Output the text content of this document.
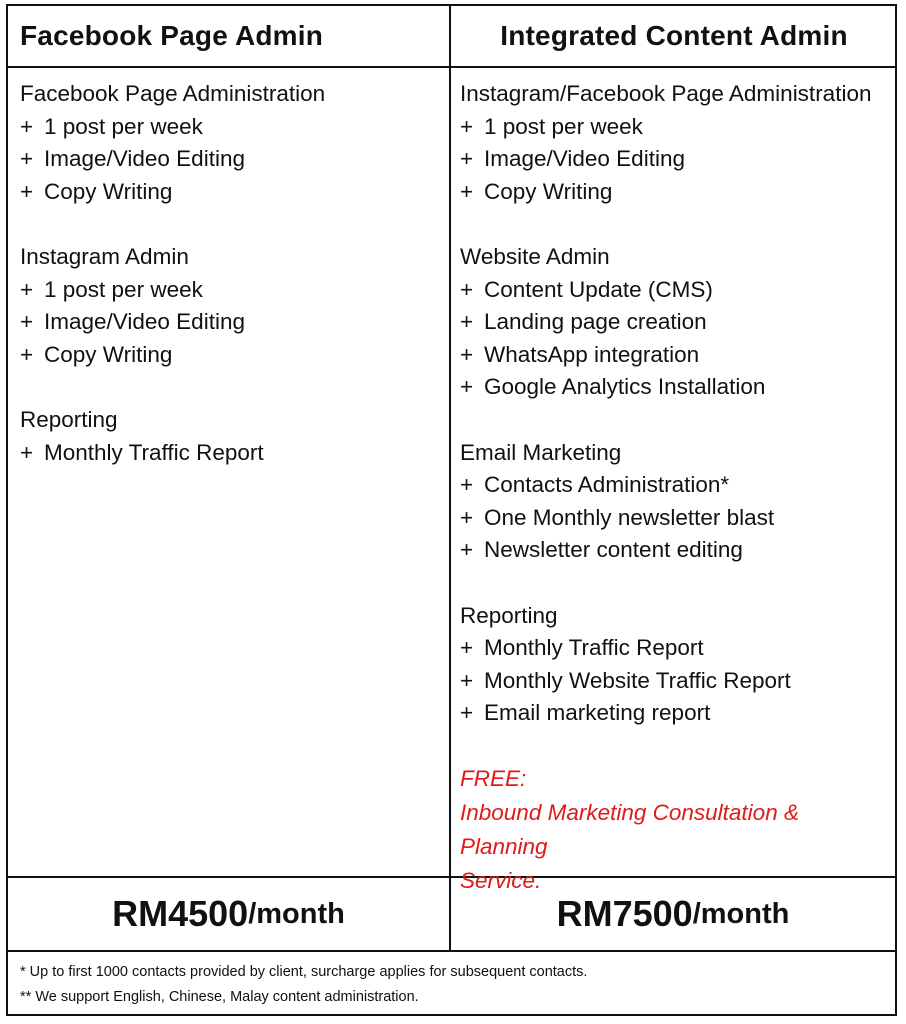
Facebook Page Admin	Integrated Content Admin
Facebook Page Administration
+ 1 post per week
+ Image/Video Editing
+ Copy Writing
Instagram Admin
+ 1 post per week
+ Image/Video Editing
+ Copy Writing
Reporting
+ Monthly Traffic Report
Instagram/Facebook Page Administration
+ 1 post per week
+ Image/Video Editing
+ Copy Writing
Website Admin
+ Content Update (CMS)
+ Landing page creation
+ WhatsApp integration
+ Google Analytics Installation
Email Marketing
+ Contacts Administration*
+ One Monthly newsletter blast
+ Newsletter content editing
Reporting
+ Monthly Traffic Report
+ Monthly Website Traffic Report
+ Email marketing report
FREE:
Inbound Marketing Consultation & Planning
Service.
RM4500 /month	RM7500 /month
* Up to first 1000 contacts provided by client, surcharge applies for subsequent contacts.
** We support English, Chinese, Malay content administration.
